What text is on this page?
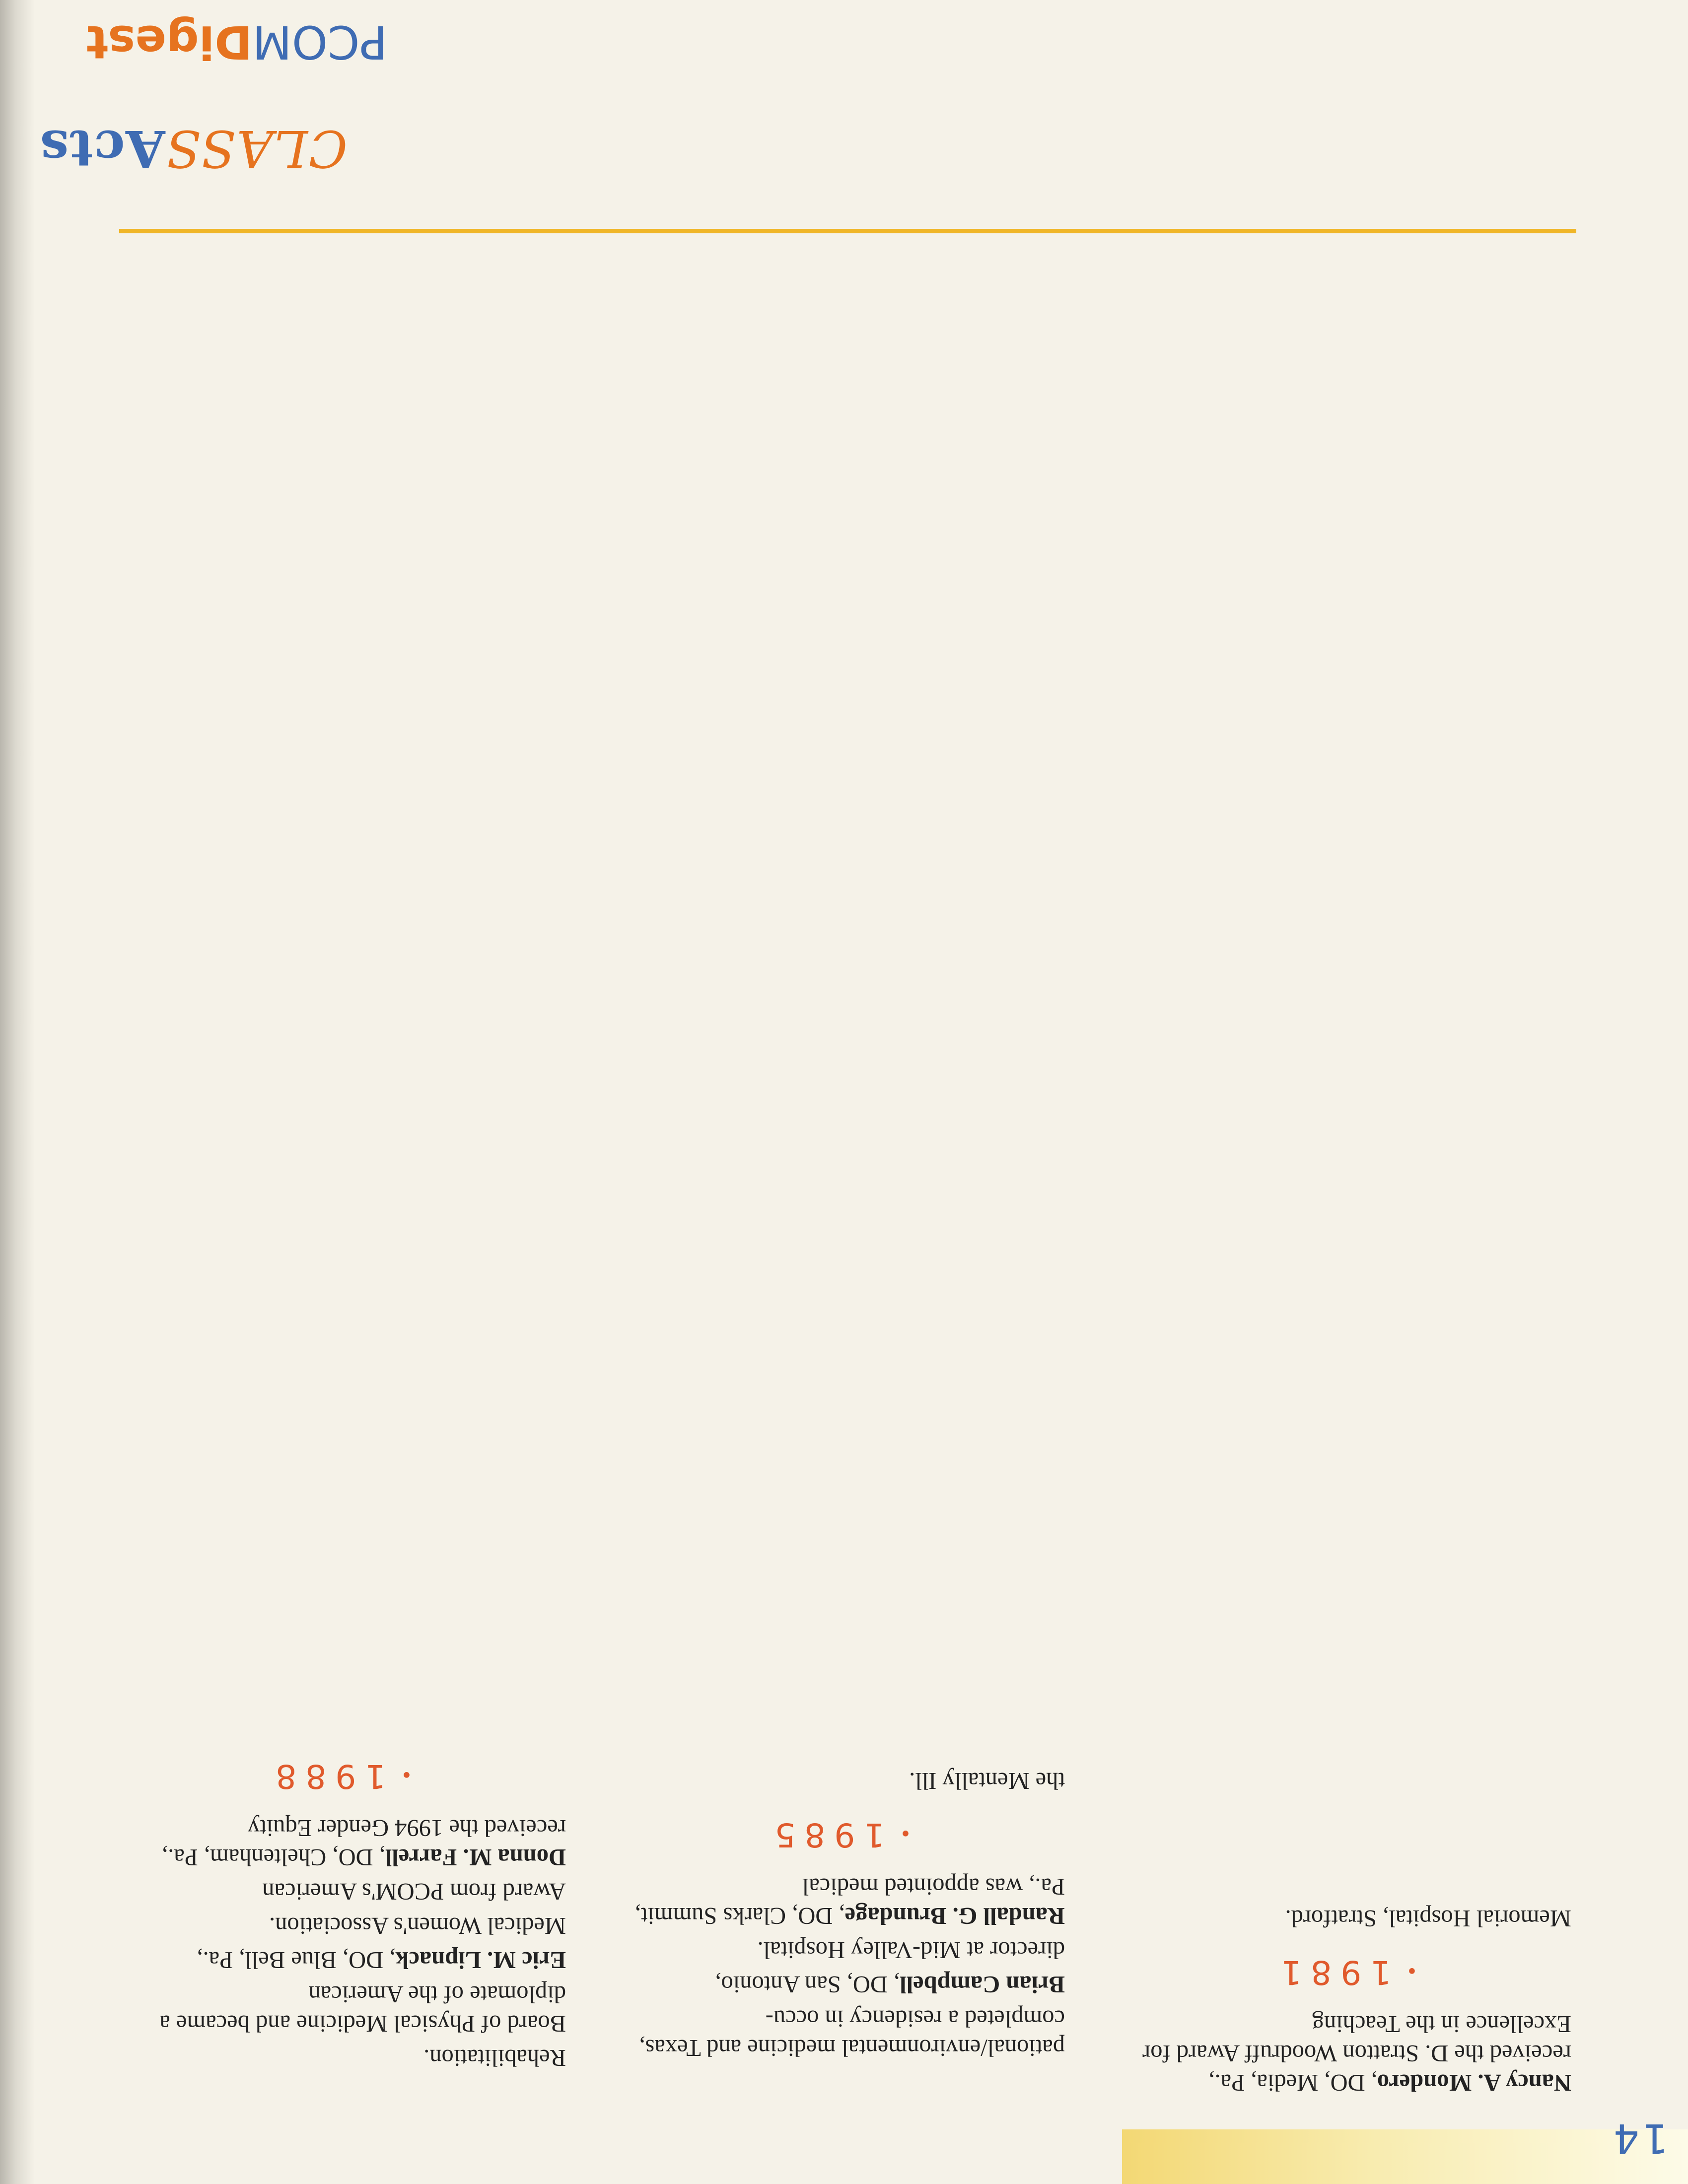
14
PCOMDigest
CLASSActs

Nancy A. Mondero, DO, Media, Pa., received the D. Stratton Woodruff Award for Excellence in the Teaching

•1981

Memorial Hospital, Stratford.

pational/environmental medicine and Texas, completed a residency in occu-

Brian Campbell, DO, San Antonio,

director at Mid-Valley Hospital.

Randall G. Brundage, DO, Clarks Summit, Pa., was appointed medical

•1985

the Mentally Ill.

Rehabilitation.

Board of Physical Medicine and became a diplomate of the American

Eric M. Lipnack, DO, Blue Bell, Pa.,

Medical Women's Association.

Award from PCOM's American

Donna M. Farrell, DO, Cheltenham, Pa., received the 1994 Gender Equity

•1988
